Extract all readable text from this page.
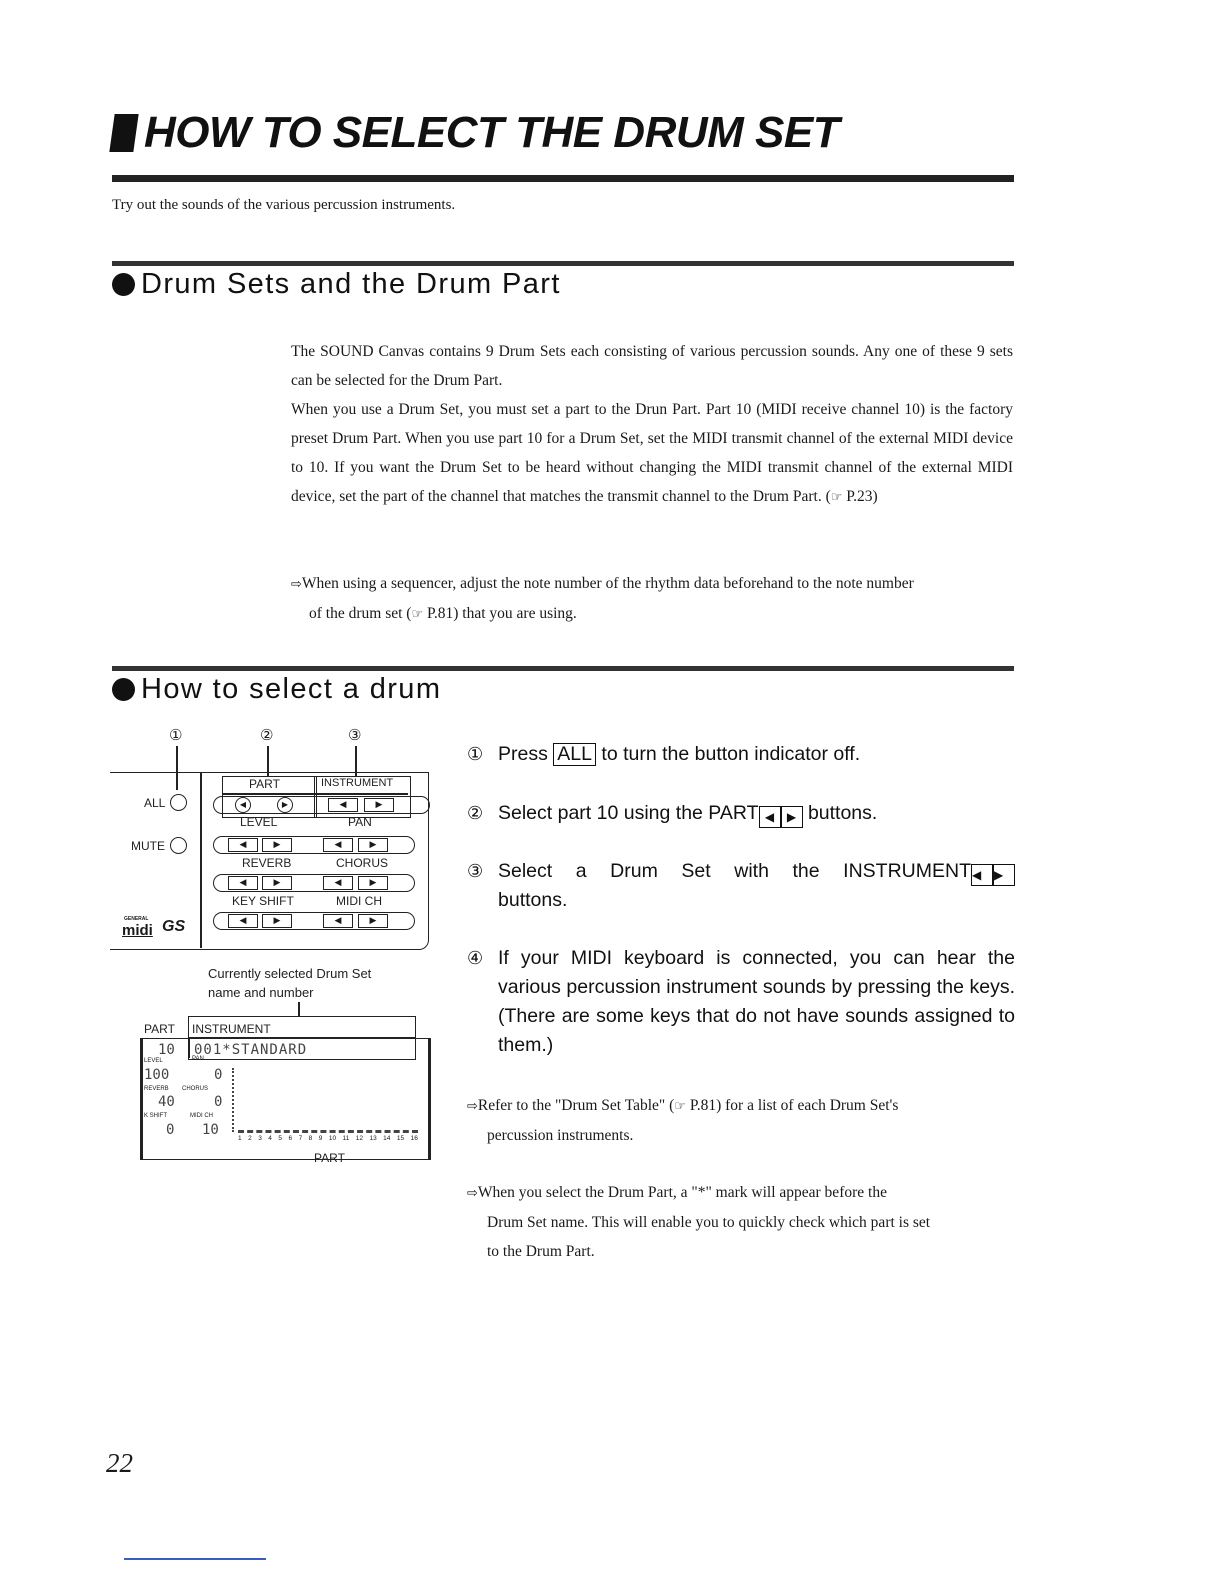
HOW TO SELECT THE DRUM SET
Try out the sounds of the various percussion instruments.
Drum Sets and the Drum Part

The SOUND Canvas contains 9 Drum Sets each consisting of various percussion sounds. Any one of these 9 sets can be selected for the Drum Part.

When you use a Drum Set, you must set a part to the Drun Part. Part 10 (MIDI receive channel 10) is the factory preset Drum Part. When you use part 10 for a Drum Set, set the MIDI transmit channel of the external MIDI device to 10. If you want the Drum Set to be heard without changing the MIDI transmit channel of the external MIDI device, set the part of the channel that matches the transmit channel to the Drum Part. (☞ P.23)

⇨When using a sequencer, adjust the note number of the rhythm data beforehand to the note number
of the drum set (☞ P.81) that you are using.
How to select a drum
①	②	③
ALL
MUTE
GENERAL
midi GS
PART	INSTRUMENT
◀	▶	◀	▶
LEVEL	PAN
◀	▶	◀	▶
REVERB	CHORUS
◀	▶	◀	▶
KEY SHIFT	MIDI CH
◀	▶	◀	▶
Currently selected Drum Set
name and number
PART INSTRUMENT
10 001*STANDARD
LEVEL	PAN
100	0
REVERB CHORUS
40	0
K SHIFT	MIDI CH
0 10
1 2 3 4 5 6 7 8 9 10 11 12 13 14 15 16
PART
① Press ALL to turn the button indicator off.
② Select part 10 using the PART ◀ ▶ buttons.
③ Select a Drum Set with the INSTRUMENT◀ ▶
buttons.
④ If your MIDI keyboard is connected, you can hear the various percussion instrument sounds by pressing the keys. (There are some keys that do not have sounds assigned to them.)
⇨Refer to the "Drum Set Table" (☞ P.81) for a list of each Drum Set's
percussion instruments.
⇨When you select the Drum Part, a "*" mark will appear before the
Drum Set name. This will enable you to quickly check which part is set
to the Drum Part.
22
